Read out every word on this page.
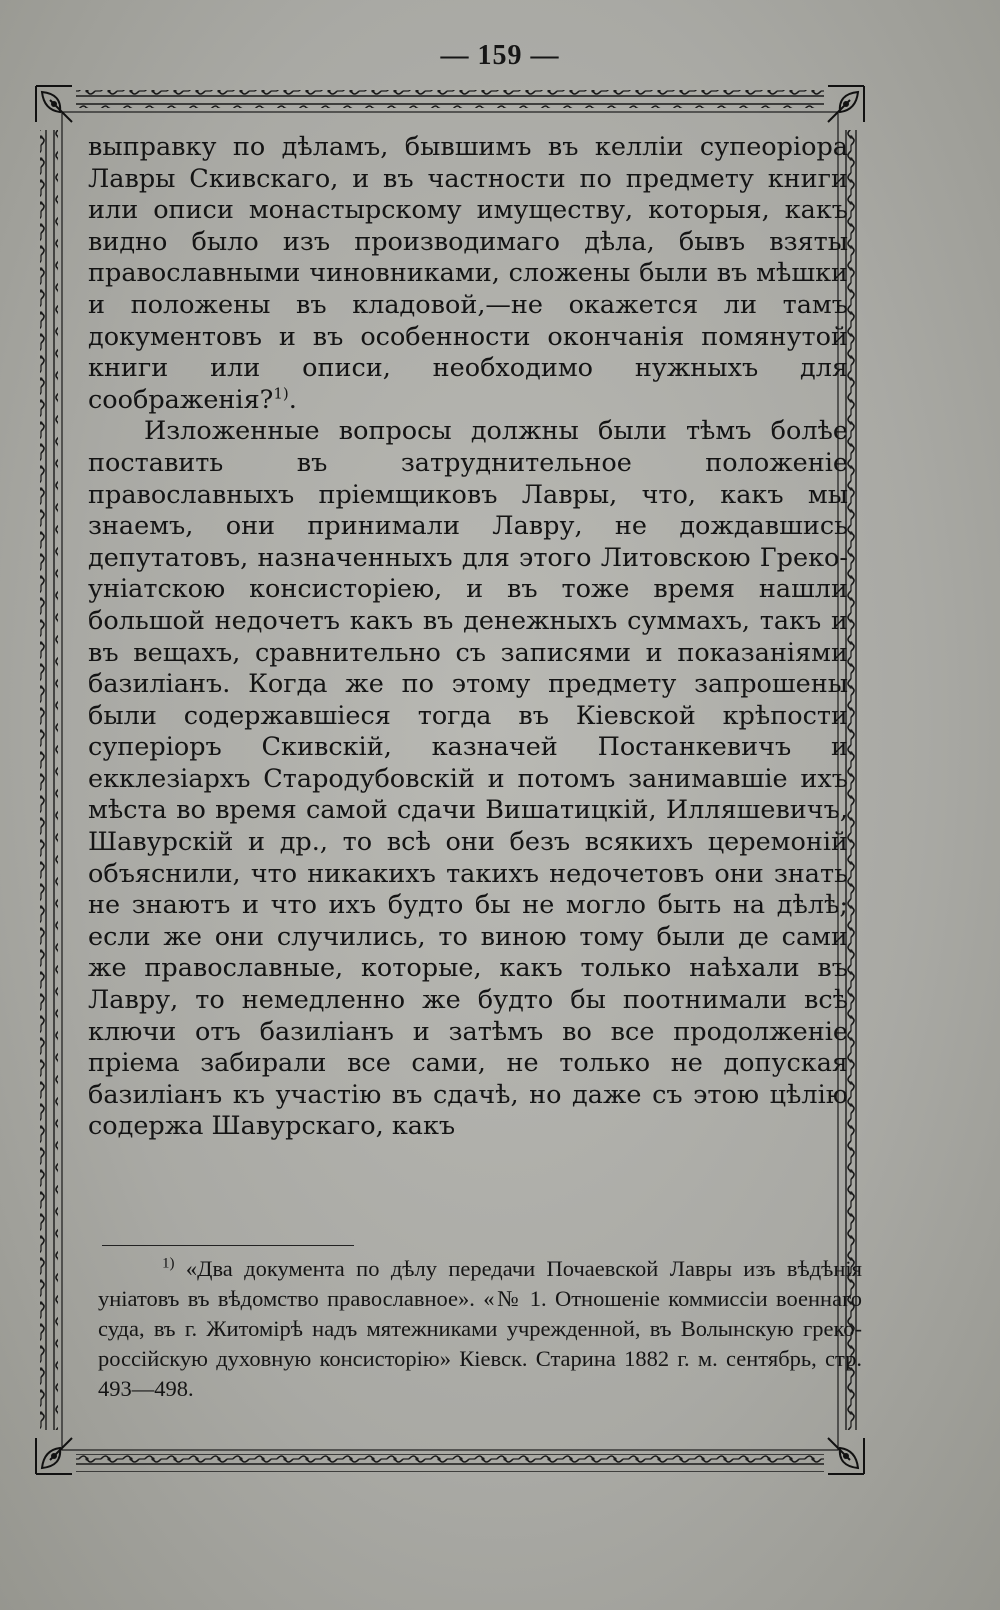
— 159 —

выправку по дѣламъ, бывшимъ въ келліи супеоріора Лавры Скивскаго, и въ частности по предмету книги или описи монастырскому имуществу, которыя, какъ видно было изъ производимаго дѣла, бывъ взяты православными чиновниками, сложены были въ мѣшки и положены въ кладовой,—не окажется ли тамъ документовъ и въ особенности окончанія помянутой книги или описи, необходимо нужныхъ для соображенія?$^{1)}$.

Изложенные вопросы должны были тѣмъ болѣе поставить въ затруднительное положеніе православныхъ пріемщиковъ Лавры, что, какъ мы знаемъ, они принимали Лавру, не дождавшись депутатовъ, назначенныхъ для этого Литовскою Греко-уніатскою консисторіею, и въ тоже время нашли большой недочетъ какъ въ денежныхъ суммахъ, такъ и въ вещахъ, сравнительно съ записями и показаніями базиліанъ. Когда же по этому предмету запрошены были содержавшіеся тогда въ Кіевской крѣпости суперіоръ Скивскій, казначей Постанкевичъ и екклезіархъ Стародубовскій и потомъ занимавшіе ихъ мѣста во время самой сдачи Вишатицкій, Илляшевичъ, Шавурскій и др., то всѣ они безъ всякихъ церемоній объяснили, что никакихъ такихъ недочетовъ они знать не знаютъ и что ихъ будто бы не могло быть на дѣлѣ; если же они случились, то виною тому были де сами же православные, которые, какъ только наѣхали въ Лавру, то немедленно же будто бы поотнимали всѣ ключи отъ базиліанъ и затѣмъ во все продолженіе пріема забирали все сами, не только не допуская базиліанъ къ участію въ сдачѣ, но даже съ этою цѣлію содержа Шавурскаго, какъ

$^{1)}$ «Два документа по дѣлу передачи Почаевской Лавры изъ вѣдѣнія уніатовъ въ вѣдомство православное». «№ 1. Отношеніе коммиссіи военнаго суда, въ г. Житомірѣ надъ мятежниками учрежденной, въ Волынскую греко-россійскую духовную консисторію» Кіевск. Старина 1882 г. м. сентябрь, стр. 493—498.
